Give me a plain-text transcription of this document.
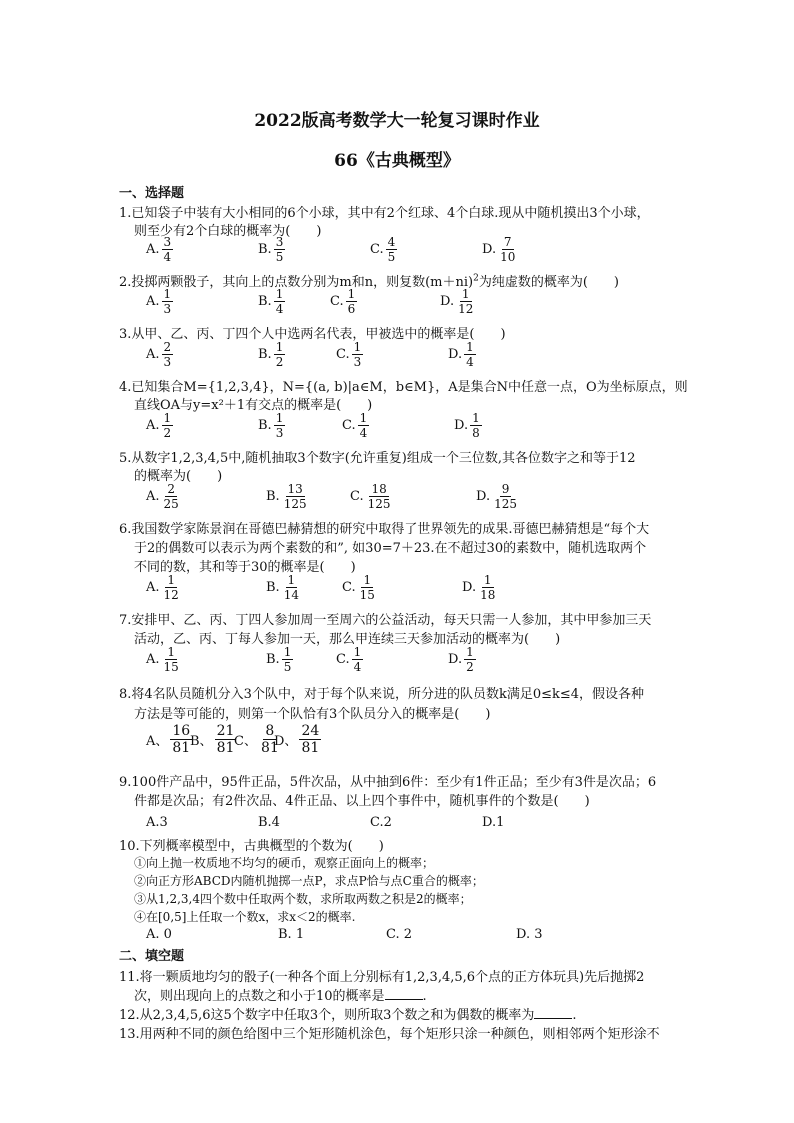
2022版高考数学大一轮复习课时作业
66《古典概型》
一、选择题
1.已知袋子中装有大小相同的6个小球，其中有2个红球、4个白球.现从中随机摸出3个小球，
则至少有2个白球的概率为(　　)
A. $\frac{3}{4}$	B. $\frac{3}{5}$	C. $\frac{4}{5}$	D. $\frac{7}{10}$
2.投掷两颗骰子，其向上的点数分别为m和n，则复数$(m+ni)^2$为纯虚数的概率为(　　)
A. $\frac{1}{3}$	B. $\frac{1}{4}$	C. $\frac{1}{6}$	D. $\frac{1}{12}$
3.从甲、乙、丙、丁四个人中选两名代表，甲被选中的概率是(　　)
A. $\frac{2}{3}$	B. $\frac{1}{2}$	C. $\frac{1}{3}$	D. $\frac{1}{4}$
4.已知集合M={1,2,3,4}，N={(a, b)|a∈M，b∈M}，A是集合N中任意一点，O为坐标原点，则
直线OA与y=x²＋1有交点的概率是(　　)
A. $\frac{1}{2}$	B. $\frac{1}{3}$	C. $\frac{1}{4}$	D. $\frac{1}{8}$
5.从数字1,2,3,4,5中,随机抽取3个数字(允许重复)组成一个三位数,其各位数字之和等于12
的概率为(　　)
A. $\frac{2}{25}$	B. $\frac{13}{125}$	C. $\frac{18}{125}$	D. $\frac{9}{125}$
6.我国数学家陈景润在哥德巴赫猜想的研究中取得了世界领先的成果.哥德巴赫猜想是“每个大
于2的偶数可以表示为两个素数的和”, 如30=7＋23.在不超过30的素数中，随机选取两个
不同的数，其和等于30的概率是(　　)
A. $\frac{1}{12}$	B. $\frac{1}{14}$	C. $\frac{1}{15}$	D. $\frac{1}{18}$
7.安排甲、乙、丙、丁四人参加周一至周六的公益活动，每天只需一人参加，其中甲参加三天
活动，乙、丙、丁每人参加一天，那么甲连续三天参加活动的概率为(　　)
A. $\frac{1}{15}$	B. $\frac{1}{5}$	C. $\frac{1}{4}$	D. $\frac{1}{2}$
8.将4名队员随机分入3个队中，对于每个队来说，所分进的队员数k满足0≤k≤4，假设各种
方法是等可能的，则第一个队恰有3个队员分入的概率是(　　)
A、 $\frac{16}{81}$
B、 $\frac{21}{81}$
C、 $\frac{8}{81}$
D、 $\frac{24}{81}$
9.100件产品中，95件正品，5件次品，从中抽到6件：至少有1件正品；至少有3件是次品；6
件都是次品；有2件次品、4件正品、以上四个事件中，随机事件的个数是(　　)
A.3	B.4	C.2	D.1
10.下列概率模型中，古典概型的个数为(　　)
①向上抛一枚质地不均匀的硬币，观察正面向上的概率；
②向正方形ABCD内随机抛掷一点P，求点P恰与点C重合的概率；
③从1,2,3,4四个数中任取两个数，求所取两数之积是2的概率；
④在[0,5]上任取一个数x，求x＜2的概率.
A. 0	B. 1	C. 2	D. 3
二、填空题
11.将一颗质地均匀的骰子(一种各个面上分别标有1,2,3,4,5,6个点的正方体玩具)先后抛掷2
次，则出现向上的点数之和小于10的概率是	.
12.从2,3,4,5,6这5个数字中任取3个，则所取3个数之和为偶数的概率为	.
13.用两种不同的颜色给图中三个矩形随机涂色，每个矩形只涂一种颜色，则相邻两个矩形涂不
